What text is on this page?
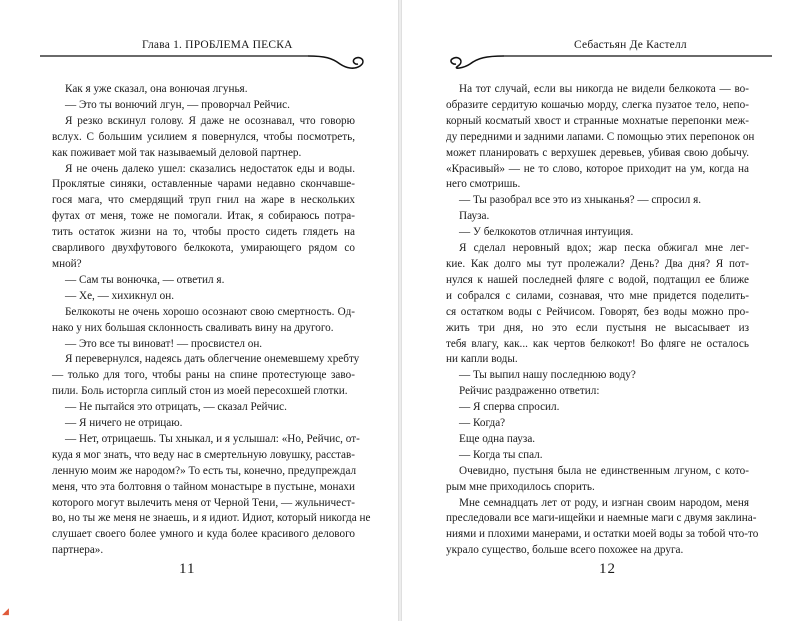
Глава 1. ПРОБЛЕМА ПЕСКА
Как я уже сказал, она вонючая лгунья.
— Это ты вонючий лгун, — проворчал Рейчис.
Я резко вскинул голову. Я даже не осознавал, что говорю
вслух. С большим усилием я повернулся, чтобы посмотреть,
как поживает мой так называемый деловой партнер.
Я не очень далеко ушел: сказались недостаток еды и воды.
Проклятые синяки, оставленные чарами недавно скончавше-
гося мага, что смердящий труп гнил на жаре в нескольких
футах от меня, тоже не помогали. Итак, я собираюсь потра-
тить остаток жизни на то, чтобы просто сидеть глядеть на
сварливого двухфутового белкокота, умирающего рядом со
мной?
— Сам ты вонючка, — ответил я.
— Хе, — хихикнул он.
Белкокоты не очень хорошо осознают свою смертность. Од-
нако у них большая склонность сваливать вину на другого.
— Это все ты виноват! — просвистел он.
Я перевернулся, надеясь дать облегчение онемевшему хребту
— только для того, чтобы раны на спине протестующе завo-
пили. Боль исторгла сиплый стон из моей пересохшей глотки.
— Не пытайся это отрицать, — сказал Рейчис.
— Я ничего не отрицаю.
— Нет, отрицаешь. Ты хныкал, и я услышал: «Но, Рейчис, от-
куда я мог знать, что веду нас в смертельную ловушку, расстав-
ленную моим же народом?» То есть ты, конечно, предупреждал
меня, что эта болтовня о тайном монастыре в пустыне, монахи
которого могут вылечить меня от Черной Тени, — жульничест-
во, но ты же меня не знаешь, и я идиот. Идиот, который никогда не
слушает своего более умного и куда более красивого делового
партнера».
11
Себастьян Де Кастелл
На тот случай, если вы никогда не видели белкокота — во-
образите сердитую кошачью морду, слегка пузатое тело, непо-
корный косматый хвост и странные мохнатые перепонки меж-
ду передними и задними лапами. С помощью этих перепонок он
может планировать с верхушек деревьев, убивая свою добычу.
«Красивый» — не то слово, которое приходит на ум, когда на
него смотришь.
— Ты разобрал все это из хныканья? — спросил я.
Пауза.
— У белкокотов отличная интуиция.
Я сделал неровный вдох; жар песка обжигал мне лег-
кие. Как долго мы тут пролежали? День? Два дня? Я пот-
нулся к нашей последней фляге с водой, подтащил ее ближе
и собрался с силами, сознавая, что мне придется поделить-
ся остатком воды с Рейчисом. Говорят, без воды можно про-
жить три дня, но это если пустыня не высасывает из
тебя влагу, как... как чертов белкокот! Во фляге не осталось
ни капли воды.
— Ты выпил нашу последнюю воду?
Рейчис раздраженно ответил:
— Я сперва спросил.
— Когда?
Еще одна пауза.
— Когда ты спал.
Очевидно, пустыня была не единственным лгуном, с кото-
рым мне приходилось спорить.
Мне семнадцать лет от роду, и изгнан своим народом, меня
преследовали все маги-ищейки и наемные маги с двумя заклина-
ниями и плохими манерами, и остатки моей воды за тобой что-то
украло существо, больше всего похожее на друга.
12
◢
